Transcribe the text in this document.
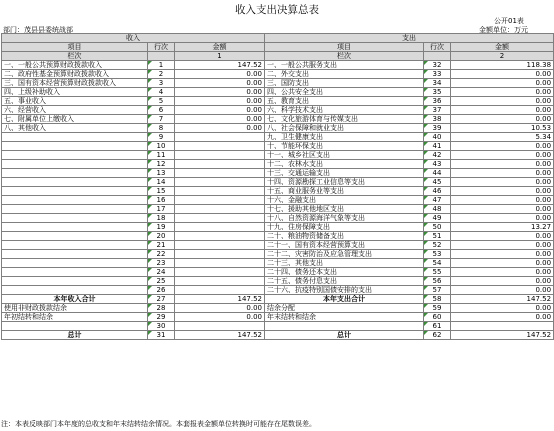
收入支出决算总表
公开01表
部门：茂县县委统战部	金额单位：万元
收入			支出		
项目	行次	金额	项目	行次	金额
栏次		1	栏次		2
一、一般公共预算财政拨款收入	1	147.52	一、一般公共服务支出	32	118.38
二、政府性基金预算财政拨款收入	2	0.00	二、外交支出	33	0.00
三、国有资本经营预算财政拨款收入	3	0.00	三、国防支出	34	0.00
四、上级补助收入	4	0.00	四、公共安全支出	35	0.00
五、事业收入	5	0.00	五、教育支出	36	0.00
六、经营收入	6	0.00	六、科学技术支出	37	0.00
七、附属单位上缴收入	7	0.00	七、文化旅游体育与传媒支出	38	0.00
八、其他收入	8	0.00	八、社会保障和就业支出	39	10.53
	9		九、卫生健康支出	40	5.34
	10		十、节能环保支出	41	0.00
	11		十一、城乡社区支出	42	0.00
	12		十二、农林水支出	43	0.00
	13		十三、交通运输支出	44	0.00
	14		十四、资源勘探工业信息等支出	45	0.00
	15		十五、商业服务业等支出	46	0.00
	16		十六、金融支出	47	0.00
	17		十七、援助其他地区支出	48	0.00
	18		十八、自然资源海洋气象等支出	49	0.00
	19		十九、住房保障支出	50	13.27
	20		二十、粮油物资储备支出	51	0.00
	21		二十一、国有资本经营预算支出	52	0.00
	22		二十二、灾害防治及应急管理支出	53	0.00
	23		二十三、其他支出	54	0.00
	24		二十四、债务还本支出	55	0.00
	25		二十五、债务付息支出	56	0.00
	26		二十六、抗疫特别国债安排的支出	57	0.00
本年收入合计	27	147.52	本年支出合计	58	147.52
使用非财政拨款结余	28	0.00	结余分配	59	0.00
年初结转和结余	29	0.00	年末结转和结余	60	0.00
	30			61	
总计	31	147.52	总计	62	147.52
注：本表反映部门本年度的总收支和年末结转结余情况。本套报表金额单位转换时可能存在尾数误差。
